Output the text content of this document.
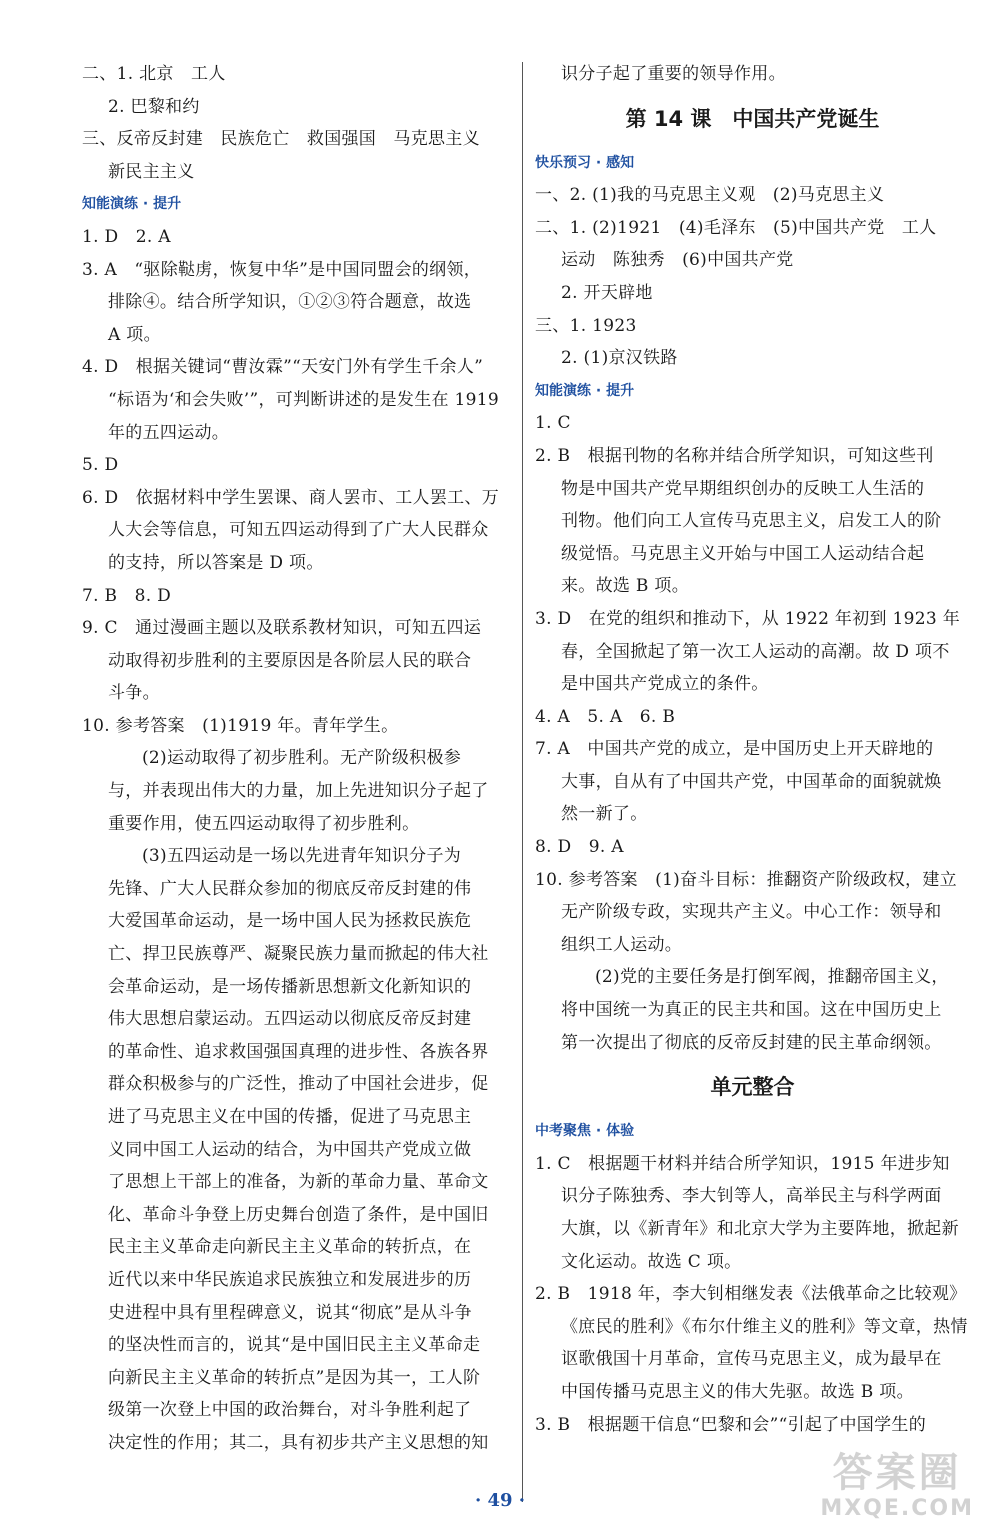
二、1. 北京　工人
2. 巴黎和约
三、反帝反封建　民族危亡　救国强国　马克思主义
新民主主义
知能演练 · 提升
1. D　2. A
3. A　“驱除鞑虏，恢复中华”是中国同盟会的纲领，
排除④。结合所学知识，①②③符合题意，故选
A 项。
4. D　根据关键词“曹汝霖”“天安门外有学生千余人”
“标语为‘和会失败’”，可判断讲述的是发生在 1919
年的五四运动。
5. D
6. D　依据材料中学生罢课、商人罢市、工人罢工、万
人大会等信息，可知五四运动得到了广大人民群众
的支持，所以答案是 D 项。
7. B　8. D
9. C　通过漫画主题以及联系教材知识，可知五四运
动取得初步胜利的主要原因是各阶层人民的联合
斗争。
10. 参考答案　(1)1919 年。青年学生。
(2)运动取得了初步胜利。无产阶级积极参
与，并表现出伟大的力量，加上先进知识分子起了
重要作用，使五四运动取得了初步胜利。
(3)五四运动是一场以先进青年知识分子为
先锋、广大人民群众参加的彻底反帝反封建的伟
大爱国革命运动，是一场中国人民为拯救民族危
亡、捍卫民族尊严、凝聚民族力量而掀起的伟大社
会革命运动，是一场传播新思想新文化新知识的
伟大思想启蒙运动。五四运动以彻底反帝反封建
的革命性、追求救国强国真理的进步性、各族各界
群众积极参与的广泛性，推动了中国社会进步，促
进了马克思主义在中国的传播，促进了马克思主
义同中国工人运动的结合，为中国共产党成立做
了思想上干部上的准备，为新的革命力量、革命文
化、革命斗争登上历史舞台创造了条件，是中国旧
民主主义革命走向新民主主义革命的转折点，在
近代以来中华民族追求民族独立和发展进步的历
史进程中具有里程碑意义，说其“彻底”是从斗争
的坚决性而言的，说其“是中国旧民主主义革命走
向新民主主义革命的转折点”是因为其一，工人阶
级第一次登上中国的政治舞台，对斗争胜利起了
决定性的作用；其二，具有初步共产主义思想的知
识分子起了重要的领导作用。
第 14 课　中国共产党诞生
快乐预习 · 感知
一、2. (1)我的马克思主义观　(2)马克思主义
二、1. (2)1921　(4)毛泽东　(5)中国共产党　工人
运动　陈独秀　(6)中国共产党
2. 开天辟地
三、1. 1923
2. (1)京汉铁路
知能演练 · 提升
1. C
2. B　根据刊物的名称并结合所学知识，可知这些刊
物是中国共产党早期组织创办的反映工人生活的
刊物。他们向工人宣传马克思主义，启发工人的阶
级觉悟。马克思主义开始与中国工人运动结合起
来。故选 B 项。
3. D　在党的组织和推动下，从 1922 年初到 1923 年
春，全国掀起了第一次工人运动的高潮。故 D 项不
是中国共产党成立的条件。
4. A　5. A　6. B
7. A　中国共产党的成立，是中国历史上开天辟地的
大事，自从有了中国共产党，中国革命的面貌就焕
然一新了。
8. D　9. A
10. 参考答案　(1)奋斗目标：推翻资产阶级政权，建立
无产阶级专政，实现共产主义。中心工作：领导和
组织工人运动。
(2)党的主要任务是打倒军阀，推翻帝国主义，
将中国统一为真正的民主共和国。这在中国历史上
第一次提出了彻底的反帝反封建的民主革命纲领。
单元整合
中考聚焦 · 体验
1. C　根据题干材料并结合所学知识，1915 年进步知
识分子陈独秀、李大钊等人，高举民主与科学两面
大旗，以《新青年》和北京大学为主要阵地，掀起新
文化运动。故选 C 项。
2. B　1918 年，李大钊相继发表《法俄革命之比较观》
《庶民的胜利》《布尔什维主义的胜利》等文章，热情
讴歌俄国十月革命，宣传马克思主义，成为最早在
中国传播马克思主义的伟大先驱。故选 B 项。
3. B　根据题干信息“巴黎和会”“引起了中国学生的
· 49 ·
答案圈
MXQE.COM
